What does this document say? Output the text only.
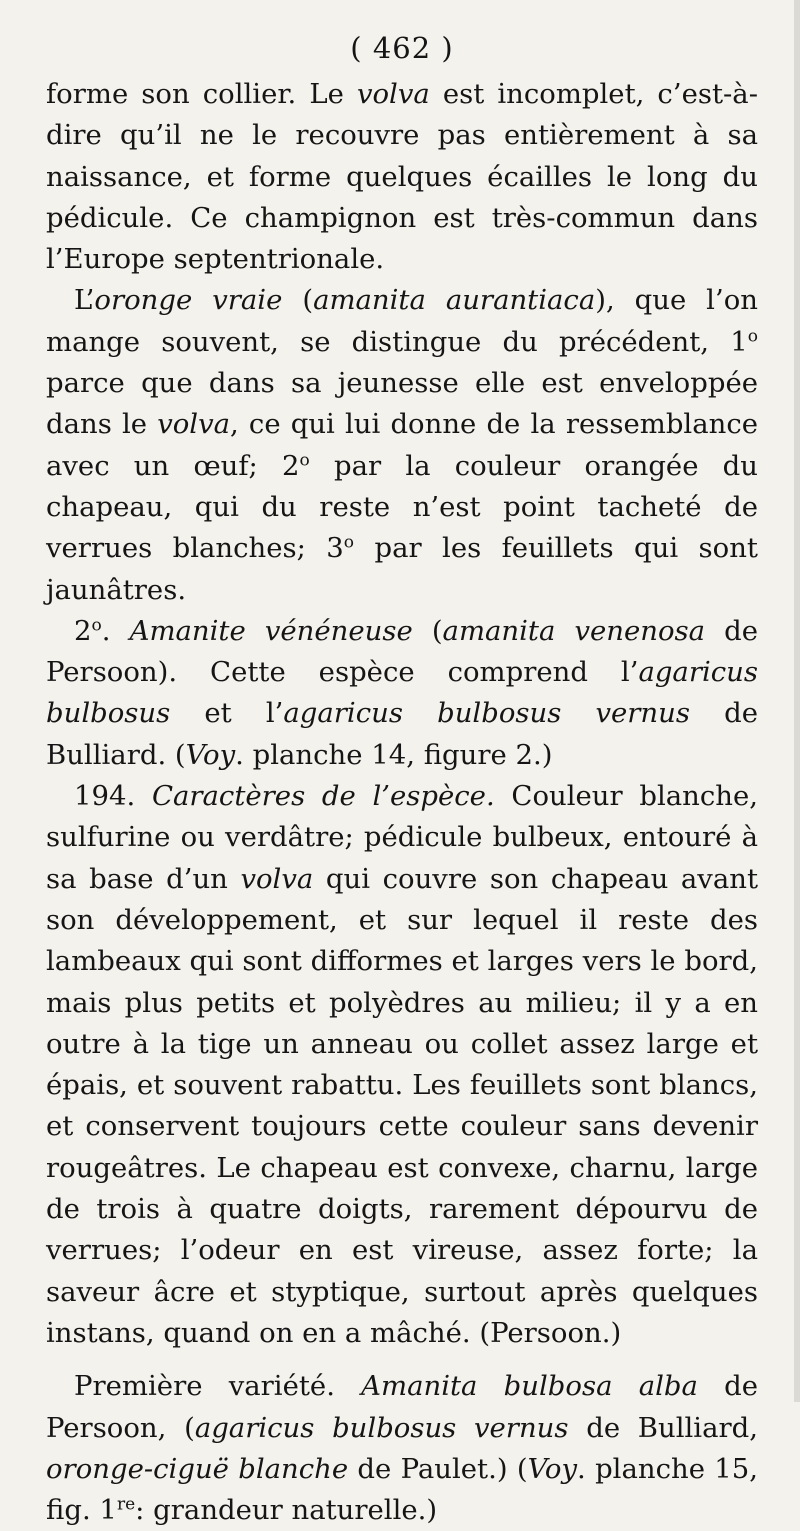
( 462 )

forme son collier. Le volva est incomplet, c’est-à-dire qu’il ne le recouvre pas entièrement à sa naissance, et forme quelques écailles le long du pédicule. Ce champignon est très-commun dans l’Europe septentrionale.

L’oronge vraie (amanita aurantiaca), que l’on mange souvent, se distingue du précédent, 1$^o$ parce que dans sa jeunesse elle est enveloppée dans le volva, ce qui lui donne de la ressemblance avec un œuf; 2$^o$ par la couleur orangée du chapeau, qui du reste n’est point tacheté de verrues blanches; 3$^o$ par les feuillets qui sont jaunâtres.

2$^o$. Amanite vénéneuse (amanita venenosa de Persoon). Cette espèce comprend l’agaricus bulbosus et l’agaricus bulbosus vernus de Bulliard. (Voy. planche 14, figure 2.)

194. Caractères de l’espèce. Couleur blanche, sulfurine ou verdâtre; pédicule bulbeux, entouré à sa base d’un volva qui couvre son chapeau avant son développement, et sur lequel il reste des lambeaux qui sont difformes et larges vers le bord, mais plus petits et polyèdres au milieu; il y a en outre à la tige un anneau ou collet assez large et épais, et souvent rabattu. Les feuillets sont blancs, et conservent toujours cette couleur sans devenir rougeâtres. Le chapeau est convexe, charnu, large de trois à quatre doigts, rarement dépourvu de verrues; l’odeur en est vireuse, assez forte; la saveur âcre et styptique, surtout après quelques instans, quand on en a mâché. (Persoon.)

Première variété. Amanita bulbosa alba de Persoon, (agaricus bulbosus vernus de Bulliard, oronge-ciguë blanche de Paulet.) (Voy. planche 15, fig. 1re: grandeur naturelle.)
